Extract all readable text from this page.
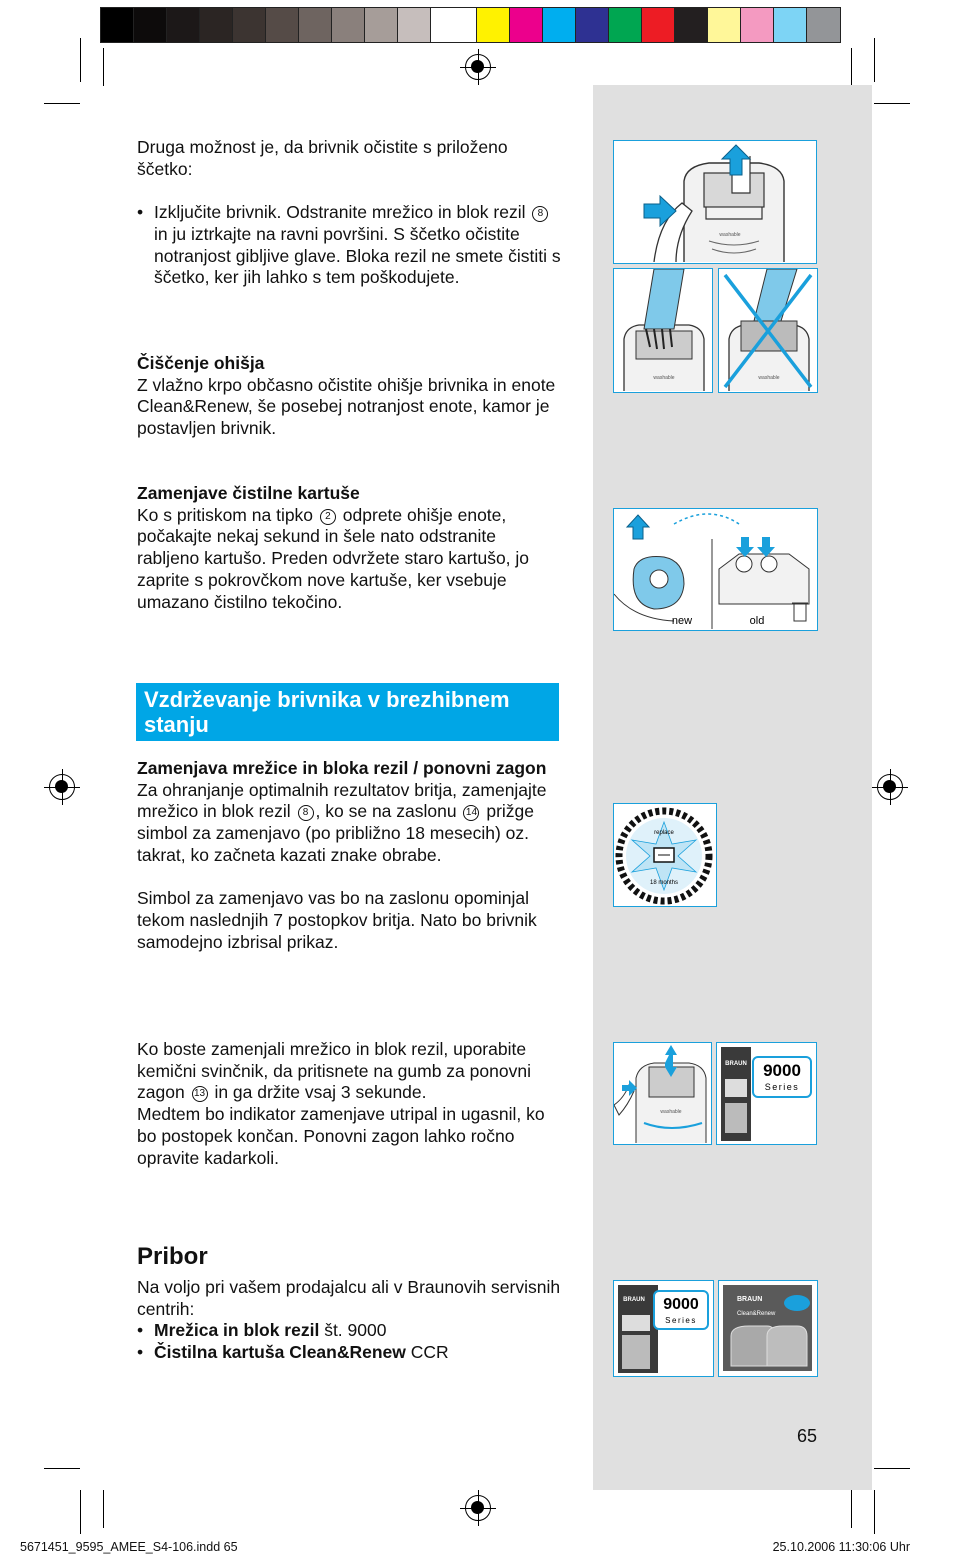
Druga možnost je, da brivnik očistite s priloženo ščetko:

• Izključite brivnik. Odstranite mrežico in blok rezil 8 in ju iztrkajte na ravni površini. S ščetko očistite notranjost gibljive glave. Bloka rezil ne smete čistiti s ščetko, ker jih lahko s tem poškodujete.

Čiščenje ohišja

Z vlažno krpo občasno očistite ohišje brivnika in enote Clean&Renew, še posebej notranjost enote, kamor je postavljen brivnik.

Zamenjave čistilne kartuše

Ko s pritiskom na tipko 2 odprete ohišje enote, počakajte nekaj sekund in šele nato odstranite rabljeno kartušo. Preden odvržete staro kartušo, jo zaprite s pokrovčkom nove kartuše, ker vsebuje umazano čistilno tekočino.

Vzdrževanje brivnika v brezhibnem stanju

Zamenjava mrežice in bloka rezil / ponovni zagon

Za ohranjanje optimalnih rezultatov britja, zamenjajte mrežico in blok rezil 8 , ko se na zaslonu 14 prižge simbol za zamenjavo (po približno 18 mesecih) oz. takrat, ko začneta kazati znake obrabe.

Simbol za zamenjavo vas bo na zaslonu opominjal tekom naslednjih 7 postopkov britja. Nato bo brivnik samodejno izbrisal prikaz.

Ko boste zamenjali mrežico in blok rezil, uporabite kemični svinčnik, da pritisnete na gumb za ponovni zagon 13 in ga držite vsaj 3 sekunde.

Medtem bo indikator zamenjave utripal in ugasnil, ko bo postopek končan. Ponovni zagon lahko ročno opravite kadarkoli.

Pribor

Na voljo pri vašem prodajalcu ali v Braunovih servisnih centrih:

• Mrežica in blok rezil št. 9000

• Čistilna kartuša Clean&Renew CCR

washable
washable	washable
new	old
replace
18 months
washable
BRAUN 9000
Series
BRAUN 9000
Series
BRAUN
Clean&Renew
65
5671451_9595_AMEE_S4-106.indd 65	25.10.2006 11:30:06 Uhr
